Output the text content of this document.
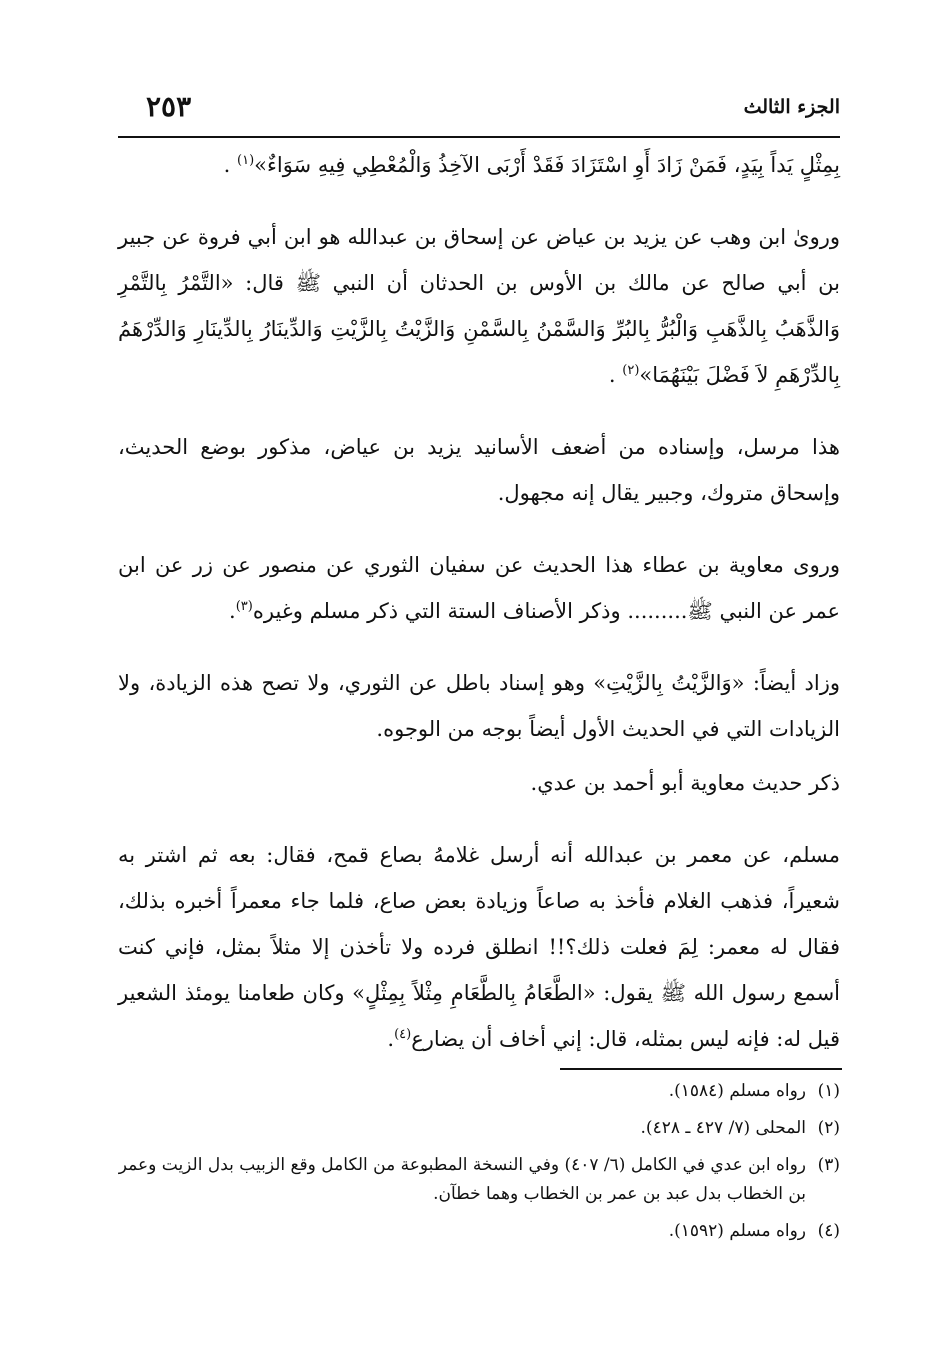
الجزء الثالث
٢٥٣

بِمِثْلٍ يَداً بِيَدٍ، فَمَنْ زَادَ أَوِ اسْتَزَادَ فَقَدْ أَرْبَى الآخِذُ وَالْمُعْطِي فِيهِ سَوَاءٌ»$^{(١)}$ .

وروىٰ ابن وهب عن يزيد بن عياض عن إسحاق بن عبدالله هو ابن أبي فروة عن جبير بن أبي صالح عن مالك بن الأوس بن الحدثان أن النبي ﷺ قال: «التَّمْرُ بِالتَّمْرِ وَالذَّهَبُ بِالذَّهَبِ وَالْبُرُّ بِالبُرِّ وَالسَّمْنُ بِالسَّمْنِ وَالزَّيْتُ بِالزَّيْتِ وَالدِّينَارُ بِالدِّينَارِ وَالدِّرْهَمُ بِالدِّرْهَمِ لاَ فَضْلَ بَيْنَهُمَا»$^{(٢)}$ .

هذا مرسل، وإسناده من أضعف الأسانيد يزيد بن عياض، مذكور بوضع الحديث، وإسحاق متروك، وجبير يقال إنه مجهول.

وروى معاوية بن عطاء هذا الحديث عن سفيان الثوري عن منصور عن زر عن ابن عمر عن النبي ﷺ......... وذكر الأصناف الستة التي ذكر مسلم وغيره$^{(٣)}$.

وزاد أيضاً: «وَالزَّيْتُ بِالزَّيْتِ» وهو إسناد باطل عن الثوري، ولا تصح هذه الزيادة، ولا الزيادات التي في الحديث الأول أيضاً بوجه من الوجوه.

ذكر حديث معاوية أبو أحمد بن عدي.

مسلم، عن معمر بن عبدالله أنه أرسل غلامهُ بصاع قمح، فقال: بعه ثم اشتر به شعيراً، فذهب الغلام فأخذ به صاعاً وزيادة بعض صاع، فلما جاء معمراً أخبره بذلك، فقال له معمر: لِمَ فعلت ذلك؟!! انطلق فرده ولا تأخذن إلا مثلاً بمثل، فإني كنت أسمع رسول الله ﷺ يقول: «الطَّعَامُ بِالطَّعَامِ مِثْلاً بِمِثْلٍ» وكان طعامنا يومئذ الشعير قيل له: فإنه ليس بمثله، قال: إني أخاف أن يضارع$^{(٤)}$.

(١)
رواه مسلم (١٥٨٤).

(٢)
المحلى (٧/ ٤٢٧ ـ ٤٢٨).

(٣)
رواه ابن عدي في الكامل (٦/ ٤٠٧) وفي النسخة المطبوعة من الكامل وقع الزبيب بدل الزيت وعمر بن الخطاب بدل عبد بن عمر بن الخطاب وهما خطآن.

(٤)
رواه مسلم (١٥٩٢).
